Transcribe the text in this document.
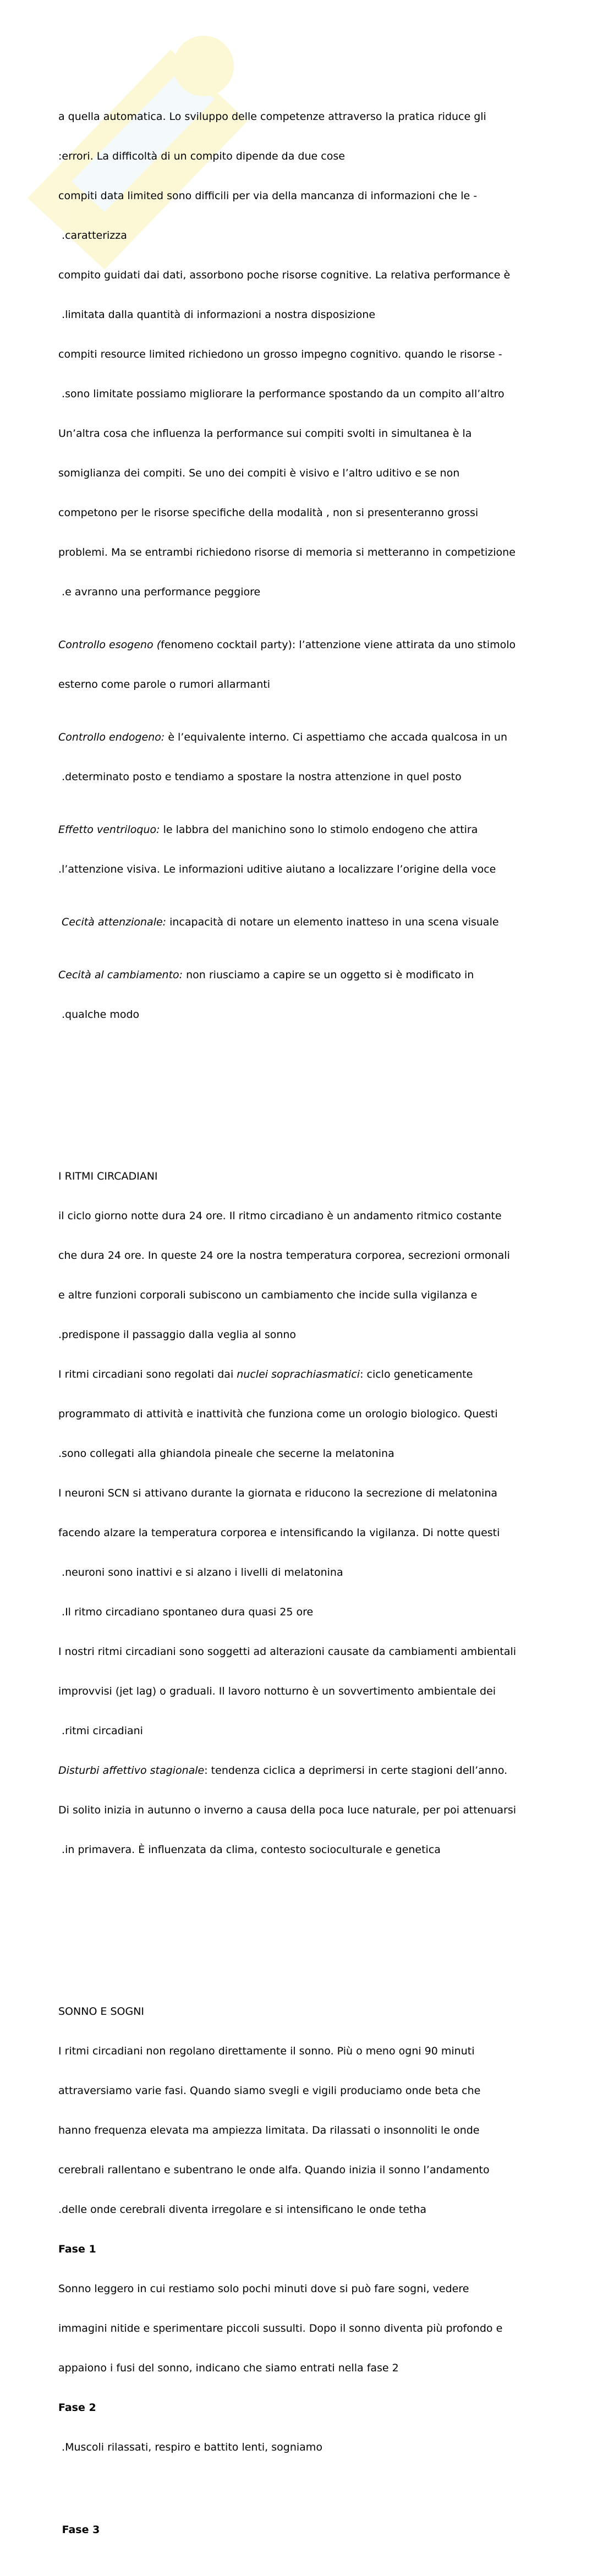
a quella automatica. Lo sviluppo delle competenze attraverso la pratica riduce gli

:errori. La difficoltà di un compito dipende da due cose

compiti data limited sono difficili per via della mancanza di informazioni che le -

.caratterizza

compito guidati dai dati, assorbono poche risorse cognitive. La relativa performance è

.limitata dalla quantità di informazioni a nostra disposizione

compiti resource limited richiedono un grosso impegno cognitivo. quando le risorse -

.sono limitate possiamo migliorare la performance spostando da un compito all’altro

Un’altra cosa che influenza la performance sui compiti svolti in simultanea è la

somiglianza dei compiti. Se uno dei compiti è visivo e l’altro uditivo e se non

competono per le risorse specifiche della modalità , non si presenteranno grossi

problemi. Ma se entrambi richiedono risorse di memoria si metteranno in competizione

.e avranno una performance peggiore

Controllo esogeno (fenomeno cocktail party): l’attenzione viene attirata da uno stimolo

esterno come parole o rumori allarmanti

Controllo endogeno: è l’equivalente interno. Ci aspettiamo che accada qualcosa in un

.determinato posto e tendiamo a spostare la nostra attenzione in quel posto

Effetto ventriloquo: le labbra del manichino sono lo stimolo endogeno che attira

.l’attenzione visiva. Le informazioni uditive aiutano a localizzare l’origine della voce

Cecità attenzionale: incapacità di notare un elemento inatteso in una scena visuale

Cecità al cambiamento: non riusciamo a capire se un oggetto si è modificato in

.qualche modo

I RITMI CIRCADIANI

il ciclo giorno notte dura 24 ore. Il ritmo circadiano è un andamento ritmico costante

che dura 24 ore. In queste 24 ore la nostra temperatura corporea, secrezioni ormonali

e altre funzioni corporali subiscono un cambiamento che incide sulla vigilanza e

.predispone il passaggio dalla veglia al sonno

I ritmi circadiani sono regolati dai nuclei soprachiasmatici: ciclo geneticamente

programmato di attività e inattività che funziona come un orologio biologico. Questi

.sono collegati alla ghiandola pineale che secerne la melatonina

I neuroni SCN si attivano durante la giornata e riducono la secrezione di melatonina

facendo alzare la temperatura corporea e intensificando la vigilanza. Di notte questi

.neuroni sono inattivi e si alzano i livelli di melatonina

.Il ritmo circadiano spontaneo dura quasi 25 ore

I nostri ritmi circadiani sono soggetti ad alterazioni causate da cambiamenti ambientali

improvvisi (jet lag) o graduali. Il lavoro notturno è un sovvertimento ambientale dei

.ritmi circadiani

Disturbi affettivo stagionale: tendenza ciclica a deprimersi in certe stagioni dell’anno.

Di solito inizia in autunno o inverno a causa della poca luce naturale, per poi attenuarsi

.in primavera. È influenzata da clima, contesto socioculturale e genetica

SONNO E SOGNI

I ritmi circadiani non regolano direttamente il sonno. Più o meno ogni 90 minuti

attraversiamo varie fasi. Quando siamo svegli e vigili produciamo onde beta che

hanno frequenza elevata ma ampiezza limitata. Da rilassati o insonnoliti le onde

cerebrali rallentano e subentrano le onde alfa. Quando inizia il sonno l’andamento

.delle onde cerebrali diventa irregolare e si intensificano le onde tetha

Fase 1

Sonno leggero in cui restiamo solo pochi minuti dove si può fare sogni, vedere

immagini nitide e sperimentare piccoli sussulti. Dopo il sonno diventa più profondo e

appaiono i fusi del sonno, indicano che siamo entrati nella fase 2

Fase 2

.Muscoli rilassati, respiro e battito lenti, sogniamo

Fase 3
